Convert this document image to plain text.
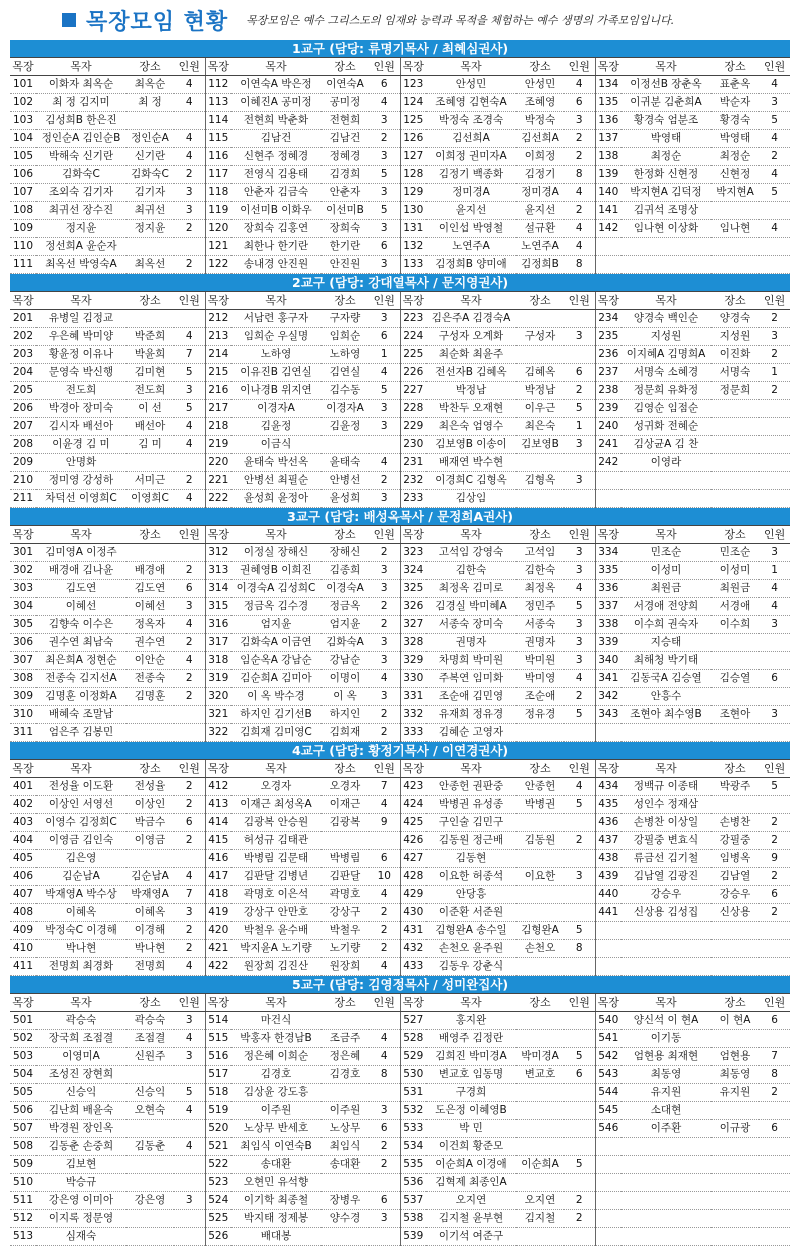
목장모임 현황 목장모임은 예수 그리스도의 임재와 능력과 목적을 체험하는 예수 생명의 가족모임입니다.
1교구 (담당: 류명기목사 / 최혜심권사)															
목장	목자	장소	인원	목장	목자	장소	인원	목장	목자	장소	인원	목장	목자	장소	인원
101	이화자 최옥순	최옥순	4	112	이연숙A 박은정	이연숙A	6	123	안성민	안성민	4	134	이정선B 장춘옥	표춘옥	4
102	최 정 김지미	최 정	4	113	이혜진A 공미정	공미정	4	124	조혜영 김현숙A	조혜영	6	135	이귀분 김춘희A	박순자	3
103	김성희B 한은진			114	전현희 박춘화	전현희	3	125	박정숙 조경숙	박정숙	3	136	황경숙 엄분조	황경숙	5
104	정인순A 김인순B	정인순A	4	115	김남건	김남건	2	126	김선희A	김선희A	2	137	박영태	박영태	4
105	박해숙 신기란	신기란	4	116	신현주 정혜경	정혜경	3	127	이희정 권미자A	이희정	2	138	최정순	최정순	2
106	김화숙C	김화숙C	2	117	전영식 김용태	김경희	5	128	김정기 백종화	김정기	8	139	한정화 신현정	신현정	4
107	조외숙 김기자	김기자	3	118	안춘자 김금숙	안춘자	3	129	정미경A	정미경A	4	140	박지현A 김덕정	박지현A	5
108	최귀선 장수진	최귀선	3	119	이선미B 이화우	이선미B	5	130	윤지선	윤지선	2	141	김귀석 조명상		
109	정지윤	정지윤	2	120	장희숙 김홍연	장희숙	3	131	이인섭 박영철	설규환	4	142	임나현 이상화	임나현	4
110	정선희A 윤순자			121	최한나 한기란	한기란	6	132	노연주A	노연주A	4				
111	최옥선 박영숙A	최옥선	2	122	송내경 안진원	안진원	3	133	김정희B 양미애	김정희B	8				
2교구 (담당: 강대열목사 / 문지영권사)															
목장	목자	장소	인원	목장	목자	장소	인원	목장	목자	장소	인원	목장	목자	장소	인원
201	유병일 김정교			212	서남련 홍구자	구자량	3	223	김은주A 김경숙A			234	양경숙 백인순	양경숙	2
202	우은혜 박미양	박준희	4	213	임희순 우실명	임희순	6	224	구성자 오계화	구성자	3	235	지성원	지성원	3
203	황윤정 이유나	박윤희	7	214	노하영	노하영	1	225	최순화 최윤주			236	이지혜A 김명희A	이진화	2
204	문영숙 박신행	김미현	5	215	이유진B 김연실	김연실	4	226	전선자B 김혜옥	김혜옥	6	237	서명숙 소혜경	서명숙	1
205	전도희	전도희	3	216	이나경B 위지연	김수동	5	227	박정남	박정남	2	238	정문희 유화정	정문희	2
206	박경아 장미숙	이 선	5	217	이경자A	이경자A	3	228	박찬두 오재현	이우근	5	239	김영순 임점순		
207	김시자 배선아	배선아	4	218	김윤정	김윤정	3	229	최은숙 엄영수	최은숙	1	240	성귀화 전혜순		
208	이윤경 김 미	김 미	4	219	이금식			230	김보영B 이송이	김보영B	3	241	김상균A 김 찬		
209	안명화			220	윤태숙 박선옥	윤태숙	4	231	배재연 박수현			242	이영라		
210	정미영 강성하	서미근	2	221	안병선 최필순	안병선	2	232	이경희C 김형옥	김형옥	3				
211	차덕선 이영희C	이영희C	4	222	윤성희 윤정아	윤성희	3	233	김상임						
3교구 (담당: 배성옥목사 / 문정희A권사)															
목장	목자	장소	인원	목장	목자	장소	인원	목장	목자	장소	인원	목장	목자	장소	인원
301	김미영A 이정주			312	이정실 장해신	장해신	2	323	고석임 강영숙	고석임	3	334	민조순	민조순	3
302	배경애 김나윤	배경애	2	313	권혜영B 이희진	김종희	3	324	김한숙	김한숙	3	335	이성미	이성미	1
303	김도연	김도연	6	314	이경숙A 김성희C	이경숙A	3	325	최정옥 김미로	최정옥	4	336	최원금	최원금	4
304	이혜선	이혜선	3	315	정금옥 김수경	정금옥	2	326	김경실 박미혜A	정민주	5	337	서경애 전양희	서경애	4
305	김향숙 이수은	정옥자	4	316	엄지윤	엄지윤	2	327	서종숙 장미숙	서종숙	3	338	이수희 권숙자	이수희	3
306	권수연 최남숙	권수연	2	317	김화숙A 이금연	김화숙A	3	328	권명자	권명자	3	339	지승태		
307	최은희A 정현순	이안순	4	318	임순옥A 강남순	강남순	3	329	차명희 박미원	박미원	3	340	최해청 박기태		
308	전종숙 김지선A	전종숙	2	319	김순희A 김미아	이명이	4	330	주복연 임미화	박미영	4	341	김동국A 김승열	김승열	6
309	김명훈 이정화A	김명훈	2	320	이 옥 박수경	이 옥	3	331	조순애 김민영	조순애	2	342	안흥수		
310	배혜숙 조말남			321	하지인 김기선B	하지인	2	332	유재희 정유경	정유경	5	343	조현아 최수영B	조현아	3
311	엄은주 김봉민			322	김희재 김미영C	김희재	2	333	김혜순 고영자						
4교구 (담당: 황정기목사 / 이연경권사)															
목장	목자	장소	인원	목장	목자	장소	인원	목장	목자	장소	인원	목장	목자	장소	인원
401	전성율 이도환	전성율	2	412	오경자	오경자	7	423	안종헌 권판중	안종헌	4	434	정백규 이종태	박광주	5
402	이상인 서영선	이상인	2	413	이재근 최성옥A	이재근	4	424	박병권 유성종	박병권	5	435	성인수 정재삼		
403	이영수 김정희C	박금수	6	414	김광복 안승원	김광복	9	425	구인술 김민구			436	손병찬 이상일	손병찬	2
404	이영금 김인숙	이영금	2	415	허성규 김태관			426	김동원 정근배	김동원	2	437	강필중 변효식	강필중	2
405	김은영			416	박병림 김문태	박병림	6	427	김동현			438	류금선 김기철	임병옥	9
406	김순남A	김순남A	4	417	김판달 김병년	김판달	10	428	이요한 허종석	이요한	3	439	김남열 김광진	김남열	2
407	박재영A 박수상	박재영A	7	418	곽명호 이은석	곽명호	4	429	안당흥			440	강승우	강승우	6
408	이혜옥	이혜옥	3	419	강상구 안만호	강상구	2	430	이준환 서준원			441	신상용 김성집	신상용	2
409	박정숙C 이경해	이경해	2	420	박철우 윤수배	박철우	2	431	김형완A 송수일	김형완A	5				
410	박나현	박나현	2	421	박지윤A 노기량	노기량	2	432	손천오 윤주원	손천오	8				
411	전명희 최경화	전명희	4	422	원장희 김진산	원장희	4	433	김동우 강춘식						
5교구 (담당: 김영정목사 / 성미완집사)															
목장	목자	장소	인원	목장	목자	장소	인원	목장	목자	장소	인원	목장	목자	장소	인원
501	곽승숙	곽승숙	3	514	마건식			527	홍지완			540	양신석 이 현A	이 현A	6
502	장국희 조점결	조점결	4	515	박홍자 한경남B	조금주	4	528	배영주 김정란			541	이기동		
503	이영미A	신원주	3	516	정은혜 이희순	정은혜	4	529	김희진 박미경A	박미경A	5	542	엄현용 최재현	엄현용	7
504	조성진 장현희			517	김경호	김경호	8	530	변교호 임동명	변교호	6	543	최동영	최동영	8
505	신승익	신승익	5	518	김상윤 강도흥			531	구경희			544	유지원	유지원	2
506	김난희 배윤숙	오현숙	4	519	이주원	이주원	3	532	도은정 이혜영B			545	소대현		
507	박경원 장인옥			520	노상무 반세호	노상무	6	533	박 민			546	이주환	이규광	6
508	김동춘 손중희	김동춘	4	521	최임식 이연숙B	최임식	2	534	이건희 황준모						
509	김보현			522	송대환	송대환	2	535	이순희A 이경애	이순희A	5				
510	박승규			523	오현민 유석향			536	김혁제 최종인A						
511	강은영 이미아	강은영	3	524	이기학 최종철	장병우	6	537	오지연	오지연	2				
512	이지록 정문영			525	박지태 정제봉	양수경	3	538	김지철 윤부현	김지철	2				
513	심재숙			526	배대봉			539	이기석 여준구						
